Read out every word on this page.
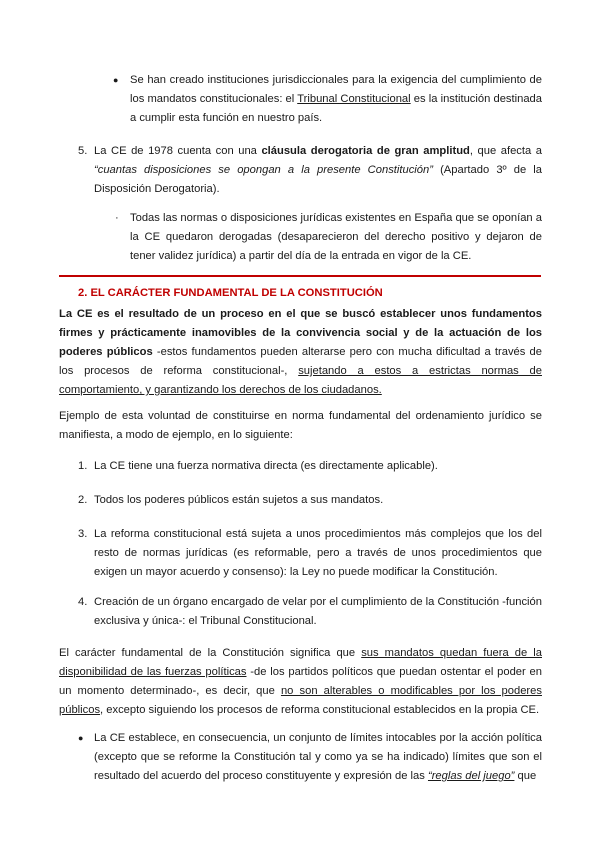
● Se han creado instituciones jurisdiccionales para la exigencia del cumplimiento de los mandatos constitucionales: el Tribunal Constitucional es la institución destinada a cumplir esta función en nuestro país.

5. La CE de 1978 cuenta con una cláusula derogatoria de gran amplitud, que afecta a “cuantas disposiciones se opongan a la presente Constitución” (Apartado 3º de la Disposición Derogatoria).

· Todas las normas o disposiciones jurídicas existentes en España que se oponían a la CE quedaron derogadas (desaparecieron del derecho positivo y dejaron de tener validez jurídica) a partir del día de la entrada en vigor de la CE.

2. EL CARÁCTER FUNDAMENTAL DE LA CONSTITUCIÓN

La CE es el resultado de un proceso en el que se buscó establecer unos fundamentos firmes y prácticamente inamovibles de la convivencia social y de la actuación de los poderes públicos -estos fundamentos pueden alterarse pero con mucha dificultad a través de los procesos de reforma constitucional-, sujetando a estos a estrictas normas de comportamiento, y garantizando los derechos de los ciudadanos.

Ejemplo de esta voluntad de constituirse en norma fundamental del ordenamiento jurídico se manifiesta, a modo de ejemplo, en lo siguiente:

1. La CE tiene una fuerza normativa directa (es directamente aplicable).

2. Todos los poderes públicos están sujetos a sus mandatos.

3. La reforma constitucional está sujeta a unos procedimientos más complejos que los del resto de normas jurídicas (es reformable, pero a través de unos procedimientos que exigen un mayor acuerdo y consenso): la Ley no puede modificar la Constitución.

4. Creación de un órgano encargado de velar por el cumplimiento de la Constitución -función exclusiva y única-: el Tribunal Constitucional.

El carácter fundamental de la Constitución significa que sus mandatos quedan fuera de la disponibilidad de las fuerzas políticas -de los partidos políticos que puedan ostentar el poder en un momento determinado-, es decir, que no son alterables o modificables por los poderes públicos, excepto siguiendo los procesos de reforma constitucional establecidos en la propia CE.

● La CE establece, en consecuencia, un conjunto de límites intocables por la acción política (excepto que se reforme la Constitución tal y como ya se ha indicado) límites que son el resultado del acuerdo del proceso constituyente y expresión de las “reglas del juego” que
